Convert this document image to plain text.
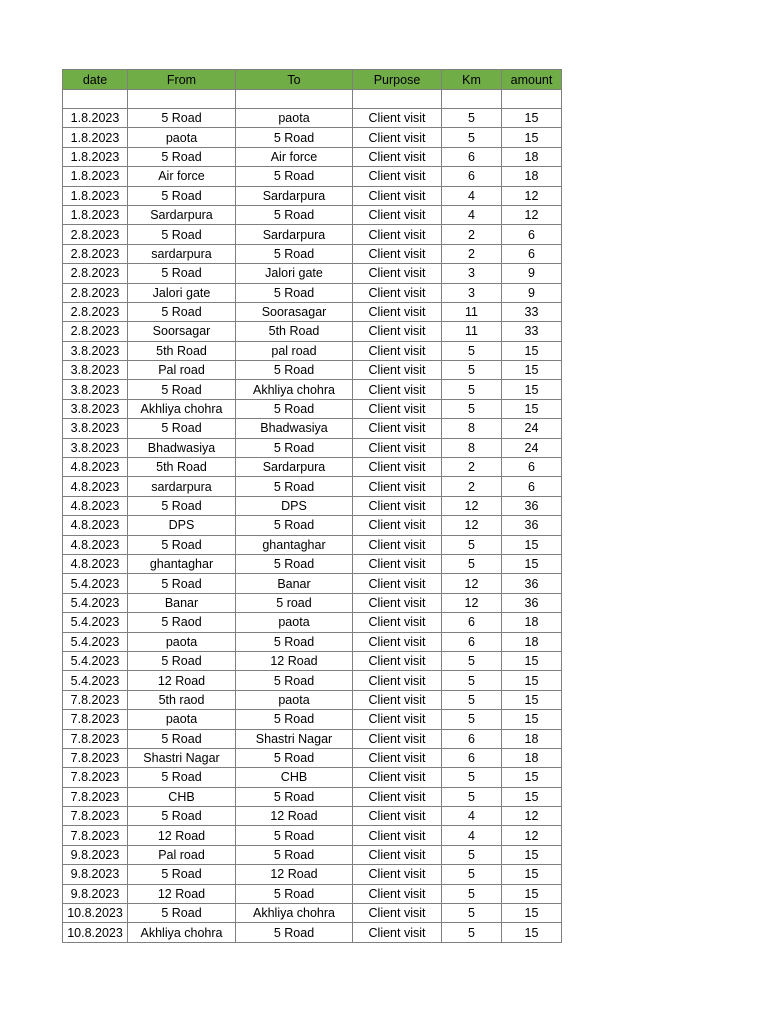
date	From	To	Purpose	Km	amount

1.8.2023	5 Road	paota	Client visit	5	15
1.8.2023	paota	5 Road	Client visit	5	15
1.8.2023	5 Road	Air force	Client visit	6	18
1.8.2023	Air force	5 Road	Client visit	6	18
1.8.2023	5 Road	Sardarpura	Client visit	4	12
1.8.2023	Sardarpura	5 Road	Client visit	4	12
2.8.2023	5 Road	Sardarpura	Client visit	2	6
2.8.2023	sardarpura	5 Road	Client visit	2	6
2.8.2023	5 Road	Jalori gate	Client visit	3	9
2.8.2023	Jalori gate	5 Road	Client visit	3	9
2.8.2023	5 Road	Soorasagar	Client visit	11	33
2.8.2023	Soorsagar	5th Road	Client visit	11	33
3.8.2023	5th Road	pal road	Client visit	5	15
3.8.2023	Pal road	5 Road	Client visit	5	15
3.8.2023	5 Road	Akhliya chohra	Client visit	5	15
3.8.2023	Akhliya chohra	5 Road	Client visit	5	15
3.8.2023	5 Road	Bhadwasiya	Client visit	8	24
3.8.2023	Bhadwasiya	5 Road	Client visit	8	24
4.8.2023	5th Road	Sardarpura	Client visit	2	6
4.8.2023	sardarpura	5 Road	Client visit	2	6
4.8.2023	5 Road	DPS	Client visit	12	36
4.8.2023	DPS	5 Road	Client visit	12	36
4.8.2023	5 Road	ghantaghar	Client visit	5	15
4.8.2023	ghantaghar	5 Road	Client visit	5	15
5.4.2023	5 Road	Banar	Client visit	12	36
5.4.2023	Banar	5 road	Client visit	12	36
5.4.2023	5 Raod	paota	Client visit	6	18
5.4.2023	paota	5 Road	Client visit	6	18
5.4.2023	5 Road	12 Road	Client visit	5	15
5.4.2023	12 Road	5 Road	Client visit	5	15
7.8.2023	5th raod	paota	Client visit	5	15
7.8.2023	paota	5 Road	Client visit	5	15
7.8.2023	5 Road	Shastri Nagar	Client visit	6	18
7.8.2023	Shastri Nagar	5 Road	Client visit	6	18
7.8.2023	5 Road	CHB	Client visit	5	15
7.8.2023	CHB	5 Road	Client visit	5	15
7.8.2023	5 Road	12 Road	Client visit	4	12
7.8.2023	12 Road	5 Road	Client visit	4	12
9.8.2023	Pal road	5 Road	Client visit	5	15
9.8.2023	5 Road	12 Road	Client visit	5	15
9.8.2023	12 Road	5 Road	Client visit	5	15
10.8.2023	5 Road	Akhliya chohra	Client visit	5	15
10.8.2023	Akhliya chohra	5 Road	Client visit	5	15
